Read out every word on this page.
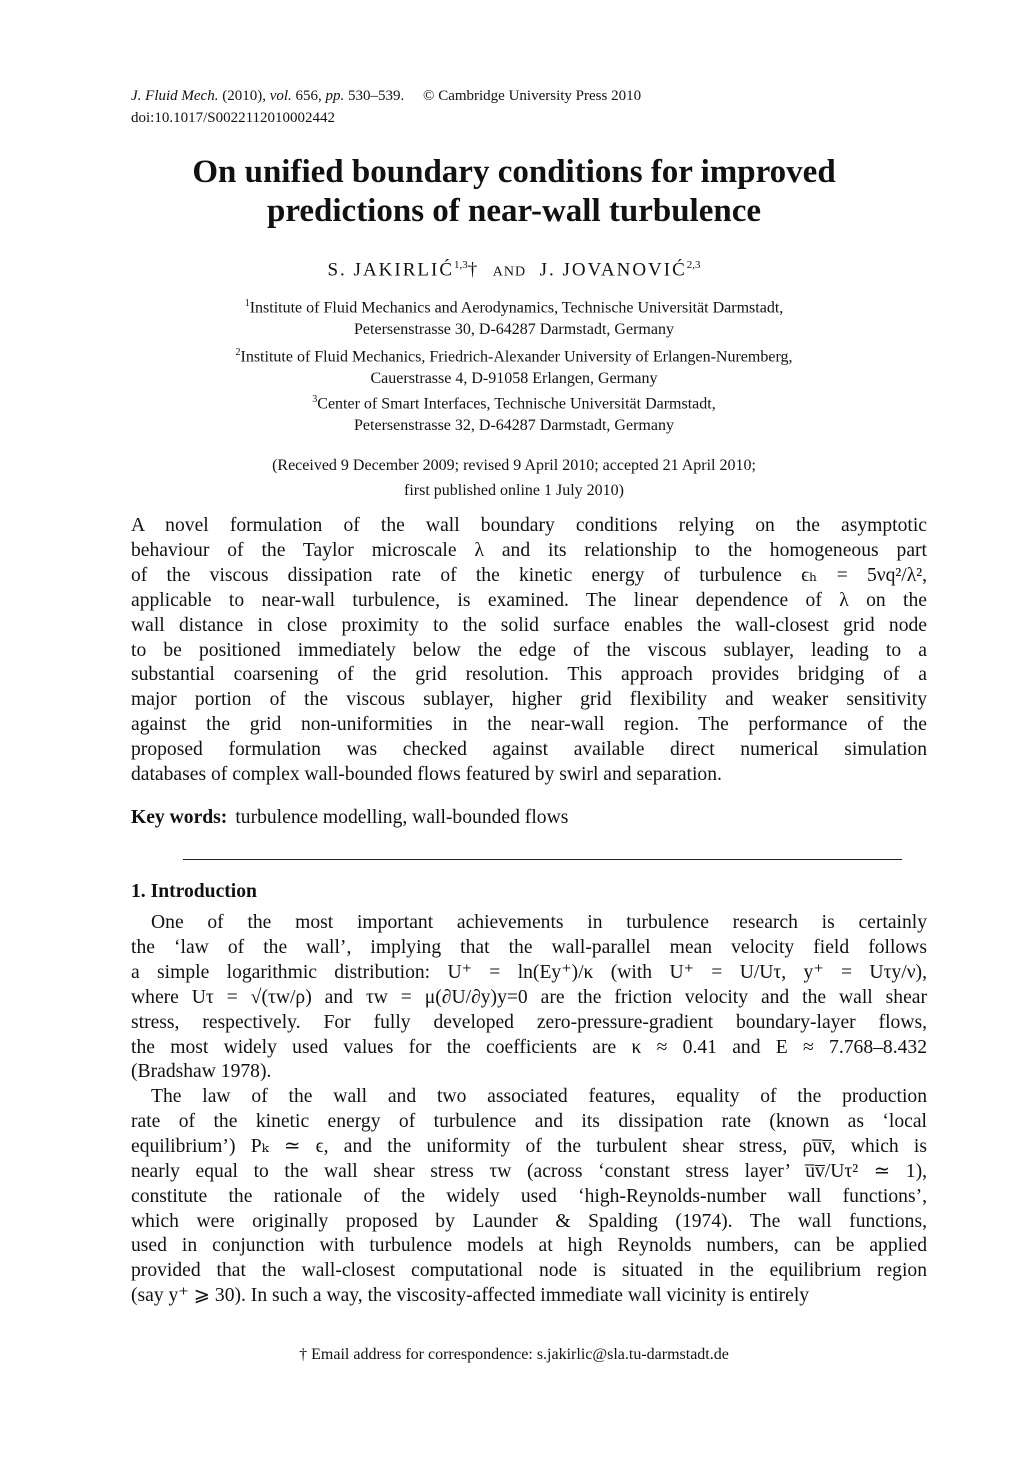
J. Fluid Mech. (2010), vol. 656, pp. 530–539. © Cambridge University Press 2010
doi:10.1017/S0022112010002442
On unified boundary conditions for improved
predictions of near-wall turbulence
S. JAKIRLIĆ$^{1,3}$† AND J. JOVANOVIĆ$^{2,3}$
$^1$Institute of Fluid Mechanics and Aerodynamics, Technische Universität Darmstadt,
Petersenstrasse 30, D-64287 Darmstadt, Germany
$^2$Institute of Fluid Mechanics, Friedrich-Alexander University of Erlangen-Nuremberg,
Cauerstrasse 4, D-91058 Erlangen, Germany
$^3$Center of Smart Interfaces, Technische Universität Darmstadt,
Petersenstrasse 32, D-64287 Darmstadt, Germany
(Received 9 December 2009; revised 9 April 2010; accepted 21 April 2010;
first published online 1 July 2010)
A novel formulation of the wall boundary conditions relying on the asymptotic
behaviour of the Taylor microscale λ and its relationship to the homogeneous part
of the viscous dissipation rate of the kinetic energy of turbulence ϵₕ = 5νq²/λ²,
applicable to near-wall turbulence, is examined. The linear dependence of λ on the
wall distance in close proximity to the solid surface enables the wall-closest grid node
to be positioned immediately below the edge of the viscous sublayer, leading to a
substantial coarsening of the grid resolution. This approach provides bridging of a
major portion of the viscous sublayer, higher grid flexibility and weaker sensitivity
against the grid non-uniformities in the near-wall region. The performance of the
proposed formulation was checked against available direct numerical simulation
databases of complex wall-bounded flows featured by swirl and separation.
Key words: turbulence modelling, wall-bounded flows
1. Introduction
One of the most important achievements in turbulence research is certainly
the ‘law of the wall’, implying that the wall-parallel mean velocity field follows
a simple logarithmic distribution: U⁺ = ln(Ey⁺)/κ (with U⁺ = U/Uτ, y⁺ = Uτy/ν),
where Uτ = √(τw/ρ) and τw = μ(∂U/∂y)y=0 are the friction velocity and the wall shear
stress, respectively. For fully developed zero-pressure-gradient boundary-layer flows,
the most widely used values for the coefficients are κ ≈ 0.41 and E ≈ 7.768–8.432
(Bradshaw 1978).
The law of the wall and two associated features, equality of the production
rate of the kinetic energy of turbulence and its dissipation rate (known as ‘local
equilibrium’) Pₖ ≃ ϵ, and the uniformity of the turbulent shear stress, ρu̅v̅, which is
nearly equal to the wall shear stress τw (across ‘constant stress layer’ u̅v̅/Uτ² ≃ 1),
constitute the rationale of the widely used ‘high-Reynolds-number wall functions’,
which were originally proposed by Launder & Spalding (1974). The wall functions,
used in conjunction with turbulence models at high Reynolds numbers, can be applied
provided that the wall-closest computational node is situated in the equilibrium region
(say y⁺ ⩾ 30). In such a way, the viscosity-affected immediate wall vicinity is entirely
† Email address for correspondence: s.jakirlic@sla.tu-darmstadt.de
